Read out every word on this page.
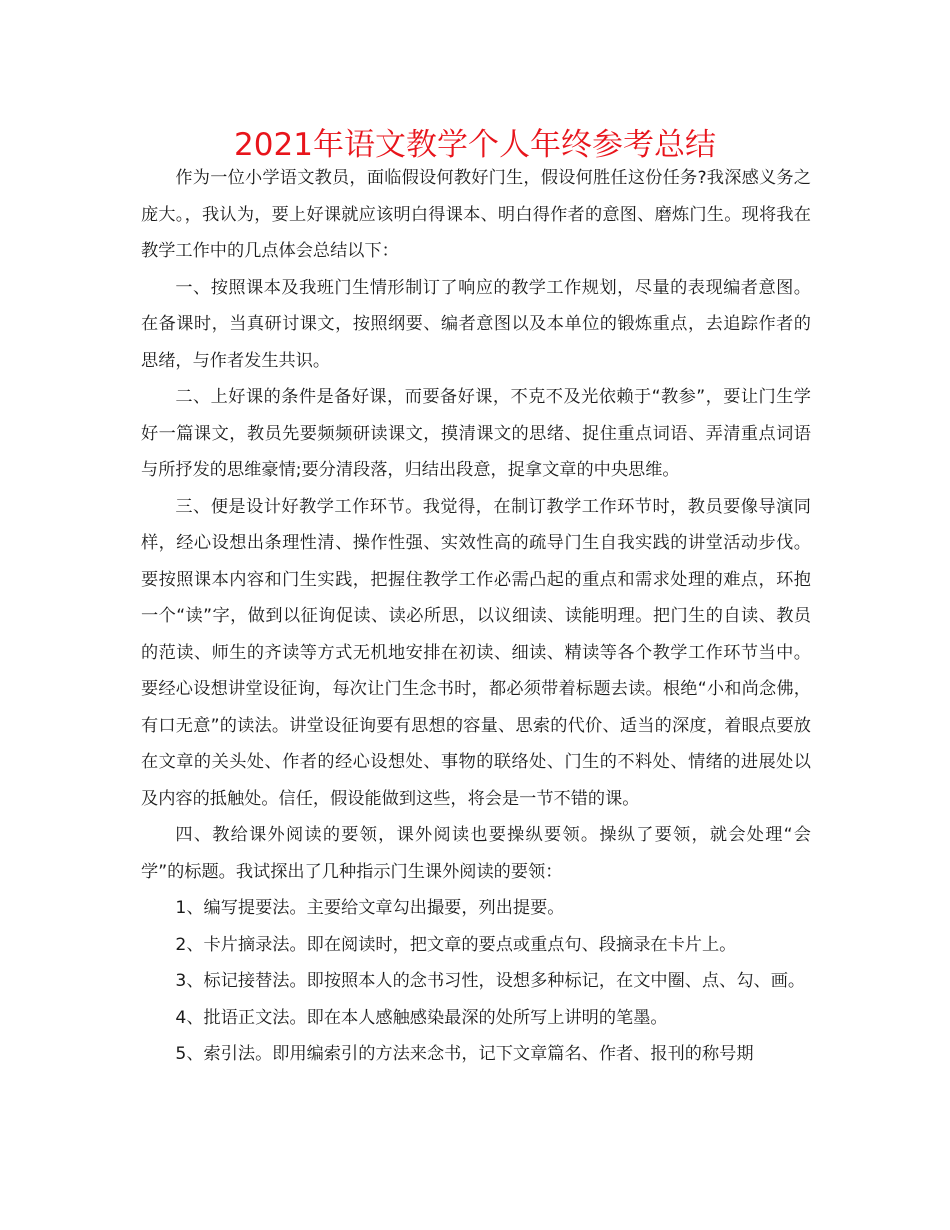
2021年语文教学个人年终参考总结

作为一位小学语文教员，面临假设何教好门生，假设何胜任这份任务?我深感义务之庞大。，我认为，要上好课就应该明白得课本、明白得作者的意图、磨炼门生。现将我在教学工作中的几点体会总结以下：

一、按照课本及我班门生情形制订了响应的教学工作规划，尽量的表现编者意图。在备课时，当真研讨课文，按照纲要、编者意图以及本单位的锻炼重点，去追踪作者的思绪，与作者发生共识。

二、上好课的条件是备好课，而要备好课，不克不及光依赖于“教参”，要让门生学好一篇课文，教员先要频频研读课文，摸清课文的思绪、捉住重点词语、弄清重点词语与所抒发的思维豪情;要分清段落，归结出段意，捉拿文章的中央思维。

三、便是设计好教学工作环节。我觉得，在制订教学工作环节时，教员要像导演同样，经心设想出条理性清、操作性强、实效性高的疏导门生自我实践的讲堂活动步伐。要按照课本内容和门生实践，把握住教学工作必需凸起的重点和需求处理的难点，环抱一个“读”字，做到以征询促读、读必所思，以议细读、读能明理。把门生的自读、教员的范读、师生的齐读等方式无机地安排在初读、细读、精读等各个教学工作环节当中。要经心设想讲堂设征询，每次让门生念书时，都必须带着标题去读。根绝“小和尚念佛，有口无意”的读法。讲堂设征询要有思想的容量、思索的代价、适当的深度，着眼点要放在文章的关头处、作者的经心设想处、事物的联络处、门生的不料处、情绪的进展处以及内容的抵触处。信任，假设能做到这些，将会是一节不错的课。

四、教给课外阅读的要领，课外阅读也要操纵要领。操纵了要领，就会处理“会学”的标题。我试探出了几种指示门生课外阅读的要领：

1、编写提要法。主要给文章勾出撮要，列出提要。

2、卡片摘录法。即在阅读时，把文章的要点或重点句、段摘录在卡片上。

3、标记接替法。即按照本人的念书习性，设想多种标记，在文中圈、点、勾、画。

4、批语正文法。即在本人感触感染最深的处所写上讲明的笔墨。

5、索引法。即用编索引的方法来念书，记下文章篇名、作者、报刊的称号期
